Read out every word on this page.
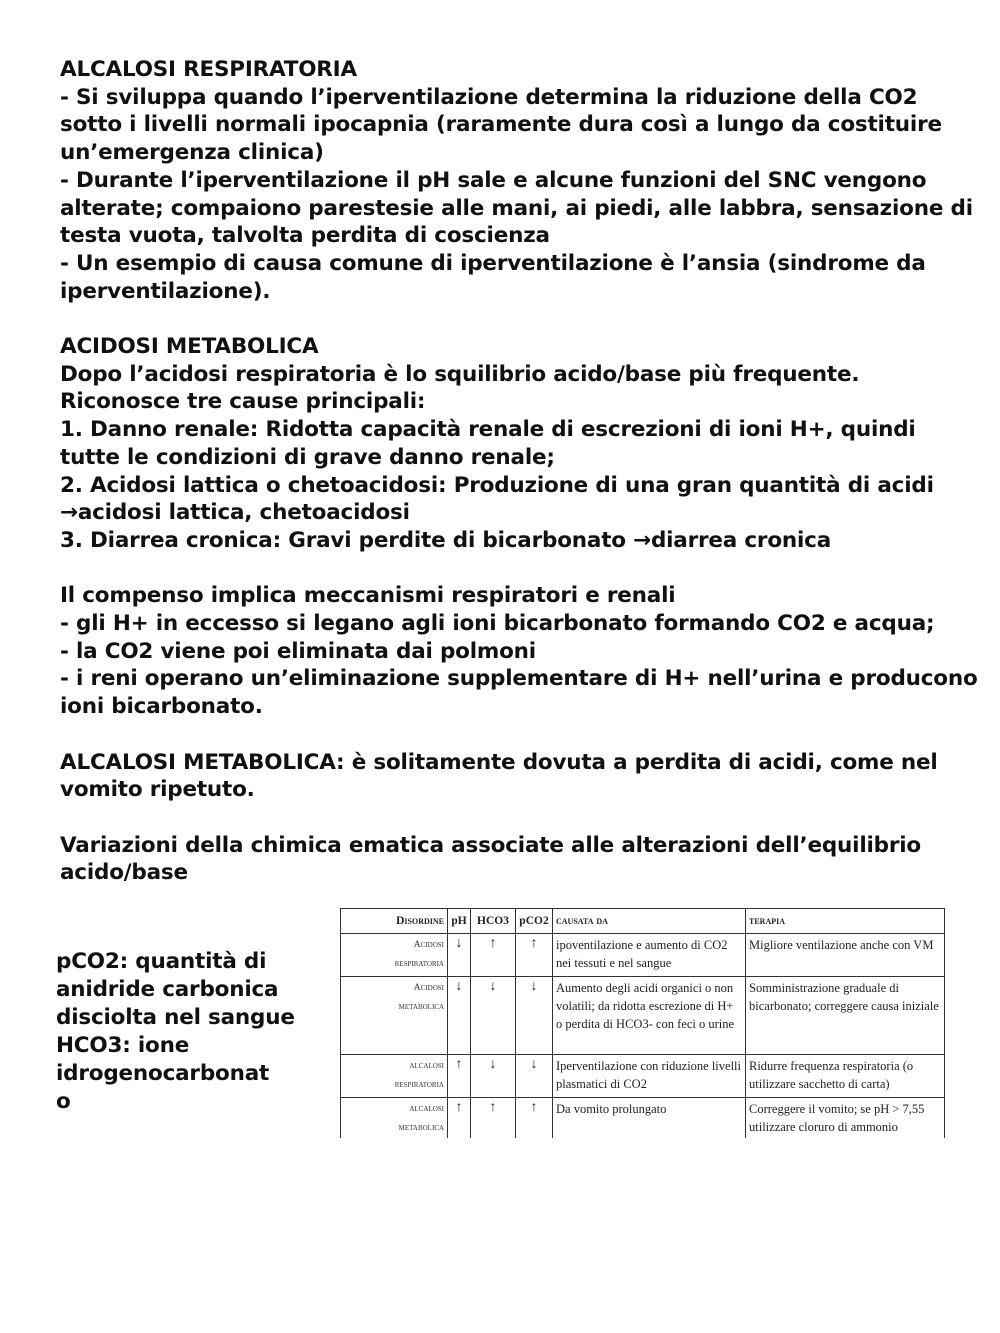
ALCALOSI RESPIRATORIA
- Si sviluppa quando l’iperventilazione determina la riduzione della CO2
sotto i livelli normali ipocapnia (raramente dura così a lungo da costituire
un’emergenza clinica)
- Durante l’iperventilazione il pH sale e alcune funzioni del SNC vengono
alterate; compaiono parestesie alle mani, ai piedi, alle labbra, sensazione di
testa vuota, talvolta perdita di coscienza
- Un esempio di causa comune di iperventilazione è l’ansia (sindrome da
iperventilazione).
ACIDOSI METABOLICA
Dopo l’acidosi respiratoria è lo squilibrio acido/base più frequente.
Riconosce tre cause principali:
1. Danno renale: Ridotta capacità renale di escrezioni di ioni H+, quindi
tutte le condizioni di grave danno renale;
2. Acidosi lattica o chetoacidosi: Produzione di una gran quantità di acidi
→acidosi lattica, chetoacidosi
3. Diarrea cronica: Gravi perdite di bicarbonato →diarrea cronica
Il compenso implica meccanismi respiratori e renali
- gli H+ in eccesso si legano agli ioni bicarbonato formando CO2 e acqua;
- la CO2 viene poi eliminata dai polmoni
- i reni operano un’eliminazione supplementare di H+ nell’urina e producono
ioni bicarbonato.
ALCALOSI METABOLICA: è solitamente dovuta a perdita di acidi, come nel
vomito ripetuto.
Variazioni della chimica ematica associate alle alterazioni dell’equilibrio
acido/base
pCO2: quantità di
anidride carbonica
disciolta nel sangue
HCO3: ione
idrogenocarbonat
o
Disordine	pH	HCO3	pCO2	causata da	terapia
Acidosi
respiratoria	↓	↑	↑	ipoventilazione e aumento di CO2 nei tessuti e nel sangue	Migliore ventilazione anche con VM
Acidosi
metabolica	↓	↓	↓	Aumento degli acidi organici o non volatili; da ridotta escrezione di H+ o perdita di HCO3- con feci o urine	Somministrazione graduale di bicarbonato; correggere causa iniziale
alcalosi
respiratoria	↑	↓	↓	Iperventilazione con riduzione livelli plasmatici di CO2	Ridurre frequenza respiratoria (o utilizzare sacchetto di carta)
alcalosi
metabolica	↑	↑	↑	Da vomito prolungato	Correggere il vomito; se pH > 7,55 utilizzare cloruro di ammonio
